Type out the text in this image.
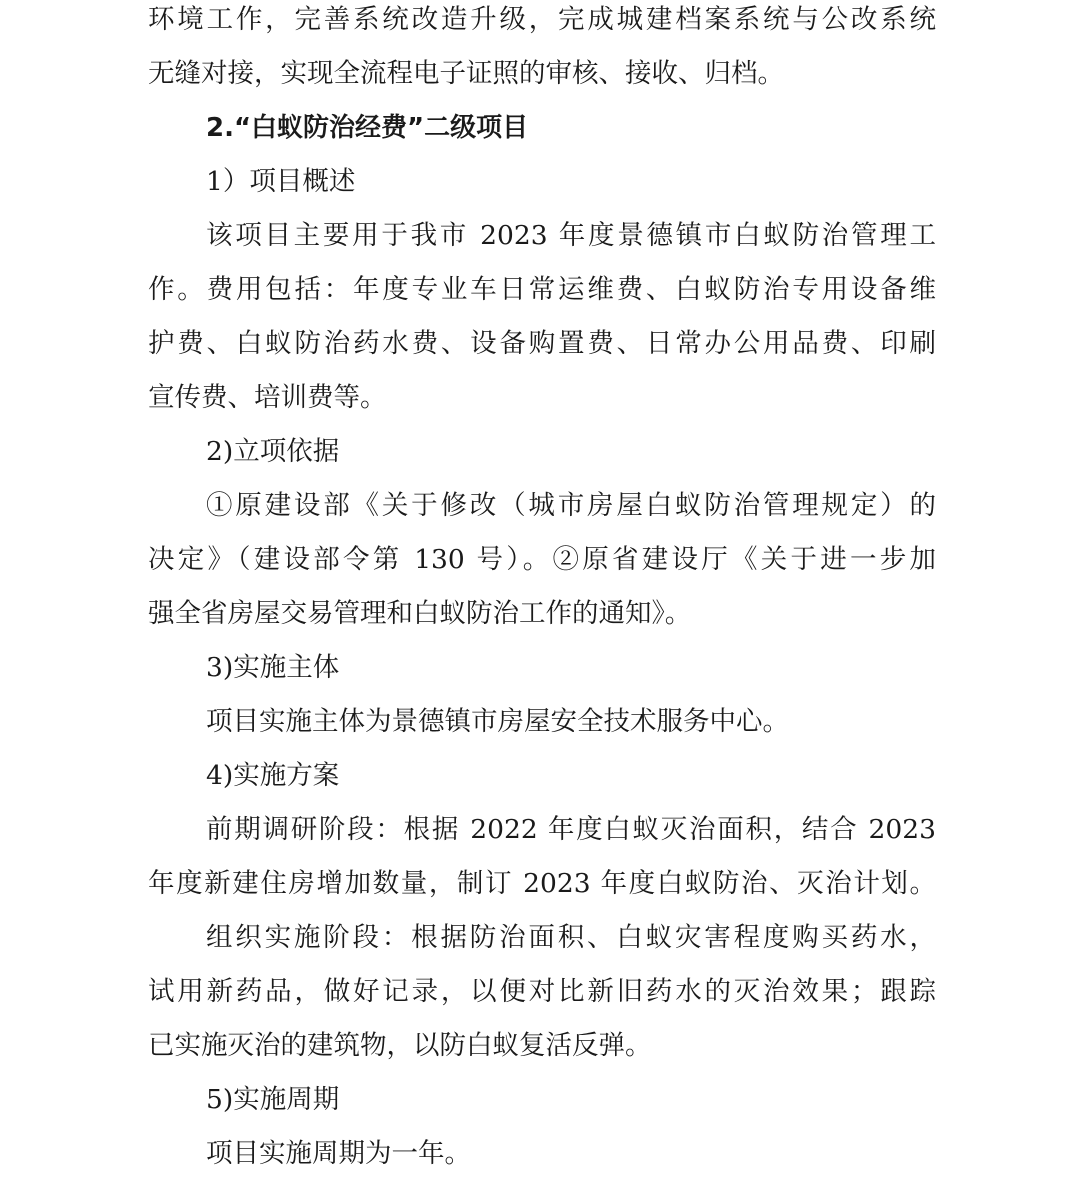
环境工作，完善系统改造升级，完成城建档案系统与公改系统
无缝对接，实现全流程电子证照的审核、接收、归档。
2.“白蚁防治经费”二级项目
1）项目概述
该项目主要用于我市 2023 年度景德镇市白蚁防治管理工
作。费用包括：年度专业车日常运维费、白蚁防治专用设备维
护费、白蚁防治药水费、设备购置费、日常办公用品费、印刷
宣传费、培训费等。
2)立项依据
①原建设部《关于修改（城市房屋白蚁防治管理规定）的
决定》（建设部令第 130 号）。②原省建设厅《关于进一步加
强全省房屋交易管理和白蚁防治工作的通知》。
3)实施主体
项目实施主体为景德镇市房屋安全技术服务中心。
4)实施方案
前期调研阶段：根据 2022 年度白蚁灭治面积，结合 2023
年度新建住房增加数量，制订 2023 年度白蚁防治、灭治计划。
组织实施阶段：根据防治面积、白蚁灾害程度购买药水，
试用新药品，做好记录，以便对比新旧药水的灭治效果；跟踪
已实施灭治的建筑物，以防白蚁复活反弹。
5)实施周期
项目实施周期为一年。
